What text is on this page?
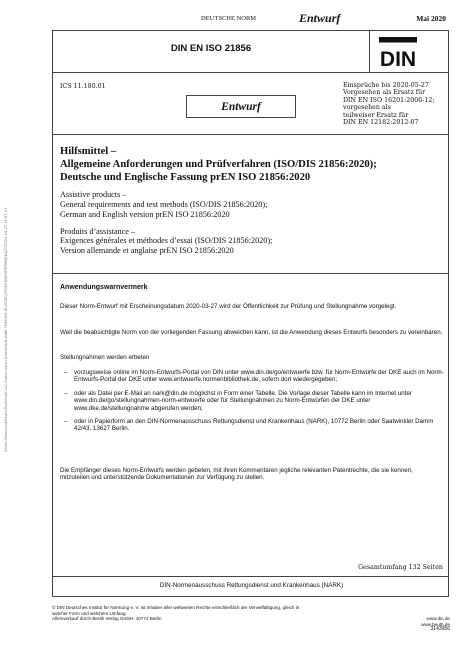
Sofort-Download-Beuth-TecEthnet LLC-Subscription Downloads-KdNr.7546305-ID:tS0ECJ33OEEDNZ9TPFBWJRKAJZ72022-04-27 11:57:13
DEUTSCHE NORM	Entwurf	Mai 2020
DIN EN ISO 21856	DIN
ICS 11.180.01	Einsprüche bis 2020-05-27
Vorgesehen als Ersatz für
DIN EN ISO 16201:2006-12;
vorgesehen als
teilweiser Ersatz für
DIN EN 12182:2012-07
Entwurf
Hilfsmittel –
Allgemeine Anforderungen und Prüfverfahren (ISO/DIS 21856:2020);
Deutsche und Englische Fassung prEN ISO 21856:2020
Assistive products –
General requirements and test methods (ISO/DIS 21856:2020);
German and English version prEN ISO 21856:2020
Produits d’assistance –
Exigences générales et méthodes d’essai (ISO/DIS 21856:2020);
Version allemande et anglaise prEN ISO 21856:2020
Anwendungswarnvermerk
Dieser Norm-Entwurf mit Erscheinungsdatum 2020-03-27 wird der Öffentlichkeit zur Prüfung und Stellungnahme vorgelegt.
Weil die beabsichtigte Norm von der vorliegenden Fassung abweichen kann, ist die Anwendung dieses Entwurfs besonders zu vereinbaren.
Stellungnahmen werden erbeten
– vorzugsweise online im Norm-Entwurfs-Portal von DIN unter www.din.de/go/entwuerfe bzw. für Norm-Entwürfe der DKE auch im Norm-Entwurfs-Portal der DKE unter www.entwuerfe.normenbibliothek.de, sofern dort wiedergegeben;
– oder als Datei per E-Mail an nark@din.de möglichst in Form einer Tabelle. Die Vorlage dieser Tabelle kann im Internet unter www.din.de/go/stellungnahmen-norm-entwuerfe oder für Stellungnahmen zu Norm-Entwürfen der DKE unter www.dke.de/stellungnahme abgerufen werden;
– oder in Papierform an den DIN-Normenausschuss Rettungsdienst und Krankenhaus (NARK), 10772 Berlin oder Saatwinkler Damm 42/43, 13627 Berlin.
Die Empfänger dieses Norm-Entwurfs werden gebeten, mit ihren Kommentaren jegliche relevanten Patentrechte, die sie kennen, mitzuteilen und unterstützende Dokumentationen zur Verfügung zu stellen.
Gesamtumfang 132 Seiten
DIN-Normenausschuss Rettungsdienst und Krankenhaus (NARK)
© DIN Deutsches Institut für Normung e. V. ist Inhaber aller weltweiten Rechte einschließlich der Vervielfältigung, gleich in
welcher Form und welchem Umfang.
Alleinverkauf durch Beuth Verlag GmbH, 10772 Berlin	www.din.de
www.beuth.de
3143956
